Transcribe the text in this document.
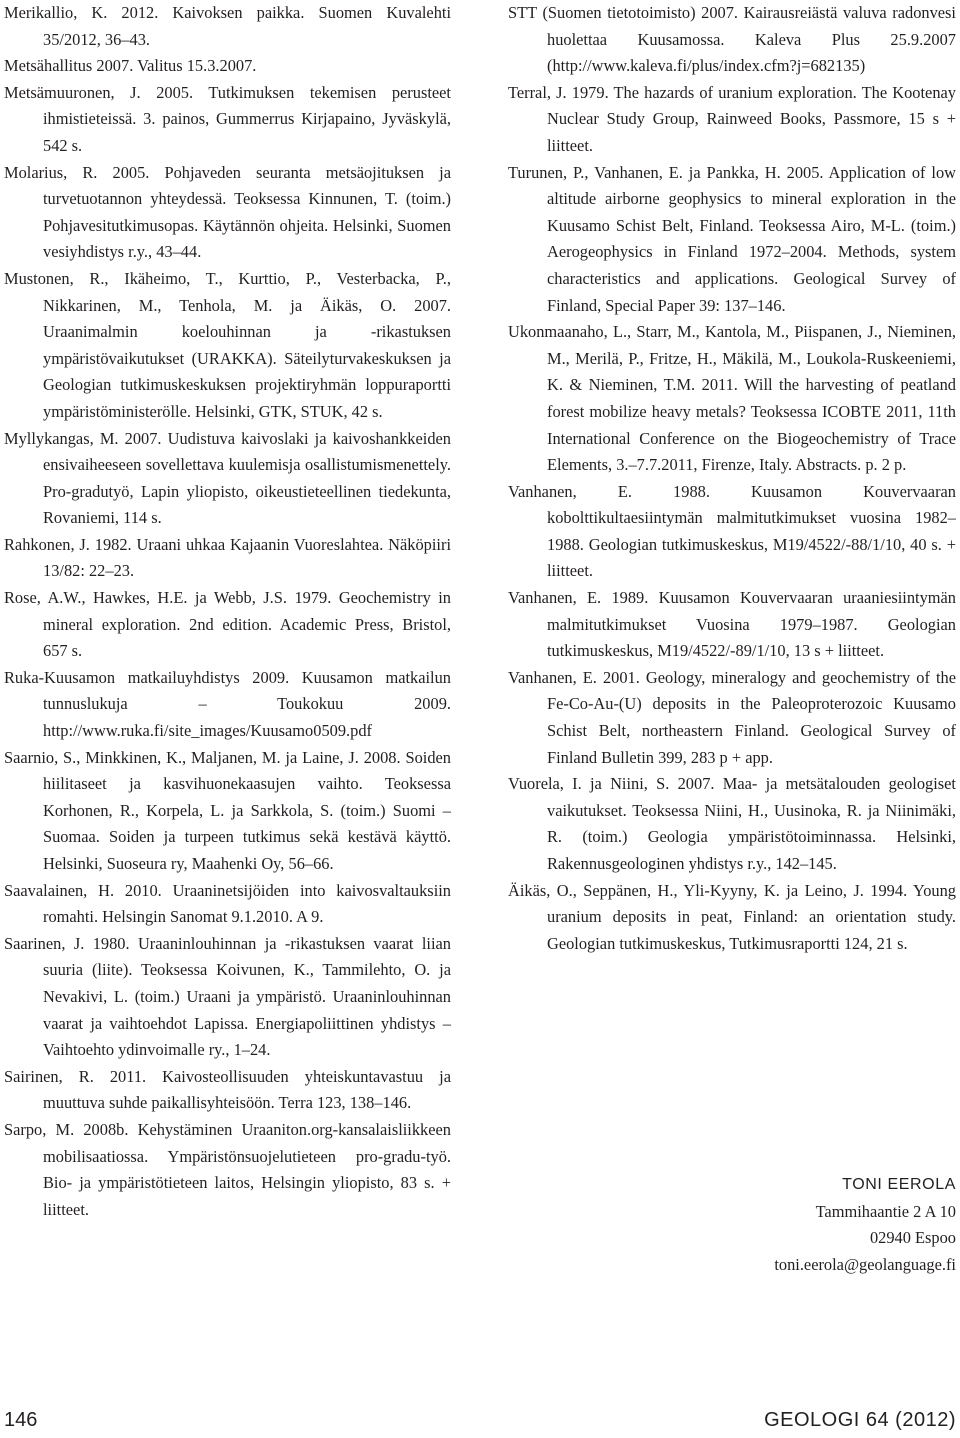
Merikallio, K. 2012. Kaivoksen paikka. Suomen Kuvalehti 35/2012, 36–43.

Metsähallitus 2007. Valitus 15.3.2007.

Metsämuuronen, J. 2005. Tutkimuksen tekemisen perusteet ihmistieteissä. 3. painos, Gummerrus Kirjapaino, Jyväskylä, 542 s.

Molarius, R. 2005. Pohjaveden seuranta metsäojituksen ja turvetuotannon yhteydessä. Teoksessa Kinnunen, T. (toim.) Pohjavesitutkimusopas. Käytännön ohjeita. Helsinki, Suomen vesiyhdistys r.y., 43–44.

Mustonen, R., Ikäheimo, T., Kurttio, P., Vesterbacka, P., Nikkarinen, M., Tenhola, M. ja Äikäs, O. 2007. Uraanimalmin koelouhinnan ja -rikastuksen ympäristövaikutukset (URAKKA). Säteilyturvakeskuksen ja Geologian tutkimuskeskuksen projektiryhmän loppuraportti ympäristöministerölle. Helsinki, GTK, STUK, 42 s.

Myllykangas, M. 2007. Uudistuva kaivoslaki ja kaivoshankkeiden ensivaiheeseen sovellettava kuulemisja osallistumismenettely. Pro-gradutyö, Lapin yliopisto, oikeustieteellinen tiedekunta, Rovaniemi, 114 s.

Rahkonen, J. 1982. Uraani uhkaa Kajaanin Vuoreslahtea. Näköpiiri 13/82: 22–23.

Rose, A.W., Hawkes, H.E. ja Webb, J.S. 1979. Geochemistry in mineral exploration. 2nd edition. Academic Press, Bristol, 657 s.

Ruka-Kuusamon matkailuyhdistys 2009. Kuusamon matkailun tunnuslukuja – Toukokuu 2009. http://www.ruka.fi/site_images/Kuusamo0509.pdf

Saarnio, S., Minkkinen, K., Maljanen, M. ja Laine, J. 2008. Soiden hiilitaseet ja kasvihuonekaasujen vaihto. Teoksessa Korhonen, R., Korpela, L. ja Sarkkola, S. (toim.) Suomi – Suomaa. Soiden ja turpeen tutkimus sekä kestävä käyttö. Helsinki, Suoseura ry, Maahenki Oy, 56–66.

Saavalainen, H. 2010. Uraaninetsijöiden into kaivosvaltauksiin romahti. Helsingin Sanomat 9.1.2010. A 9.

Saarinen, J. 1980. Uraaninlouhinnan ja -rikastuksen vaarat liian suuria (liite). Teoksessa Koivunen, K., Tammilehto, O. ja Nevakivi, L. (toim.) Uraani ja ympäristö. Uraaninlouhinnan vaarat ja vaihtoehdot Lapissa. Energiapoliittinen yhdistys – Vaihtoehto ydinvoimalle ry., 1–24.

Sairinen, R. 2011. Kaivosteollisuuden yhteiskuntavastuu ja muuttuva suhde paikallisyhteisöön. Terra 123, 138–146.

Sarpo, M. 2008b. Kehystäminen Uraaniton.org-kansalaisliikkeen mobilisaatiossa. Ympäristönsuojelutieteen pro-gradu-työ. Bio- ja ympäristötieteen laitos, Helsingin yliopisto, 83 s. + liitteet.

STT (Suomen tietotoimisto) 2007. Kairausreiästä valuva radonvesi huolettaa Kuusamossa. Kaleva Plus 25.9.2007 (http://www.kaleva.fi/plus/index.cfm?j=682135)

Terral, J. 1979. The hazards of uranium exploration. The Kootenay Nuclear Study Group, Rainweed Books, Passmore, 15 s + liitteet.

Turunen, P., Vanhanen, E. ja Pankka, H. 2005. Application of low altitude airborne geophysics to mineral exploration in the Kuusamo Schist Belt, Finland. Teoksessa Airo, M-L. (toim.) Aerogeophysics in Finland 1972–2004. Methods, system characteristics and applications. Geological Survey of Finland, Special Paper 39: 137–146.

Ukonmaanaho, L., Starr, M., Kantola, M., Piispanen, J., Nieminen, M., Merilä, P., Fritze, H., Mäkilä, M., Loukola-Ruskeeniemi, K. & Nieminen, T.M. 2011. Will the harvesting of peatland forest mobilize heavy metals? Teoksessa ICOBTE 2011, 11th International Conference on the Biogeochemistry of Trace Elements, 3.–7.7.2011, Firenze, Italy. Abstracts. p. 2 p.

Vanhanen, E. 1988. Kuusamon Kouvervaaran kobolttikultaesiintymän malmitutkimukset vuosina 1982–1988. Geologian tutkimuskeskus, M19/4522/-88/1/10, 40 s. + liitteet.

Vanhanen, E. 1989. Kuusamon Kouvervaaran uraaniesiintymän malmitutkimukset Vuosina 1979–1987. Geologian tutkimuskeskus, M19/4522/-89/1/10, 13 s + liitteet.

Vanhanen, E. 2001. Geology, mineralogy and geochemistry of the Fe-Co-Au-(U) deposits in the Paleoproterozoic Kuusamo Schist Belt, northeastern Finland. Geological Survey of Finland Bulletin 399, 283 p + app.

Vuorela, I. ja Niini, S. 2007. Maa- ja metsätalouden geologiset vaikutukset. Teoksessa Niini, H., Uusinoka, R. ja Niinimäki, R. (toim.) Geologia ympäristötoiminnassa. Helsinki, Rakennusgeologinen yhdistys r.y., 142–145.

Äikäs, O., Seppänen, H., Yli-Kyyny, K. ja Leino, J. 1994. Young uranium deposits in peat, Finland: an orientation study. Geologian tutkimuskeskus, Tutkimusraportti 124, 21 s.

TONI EEROLA
Tammihaantie 2 A 10
02940 Espoo
toni.eerola@geolanguage.fi
146	GEOLOGI 64 (2012)
